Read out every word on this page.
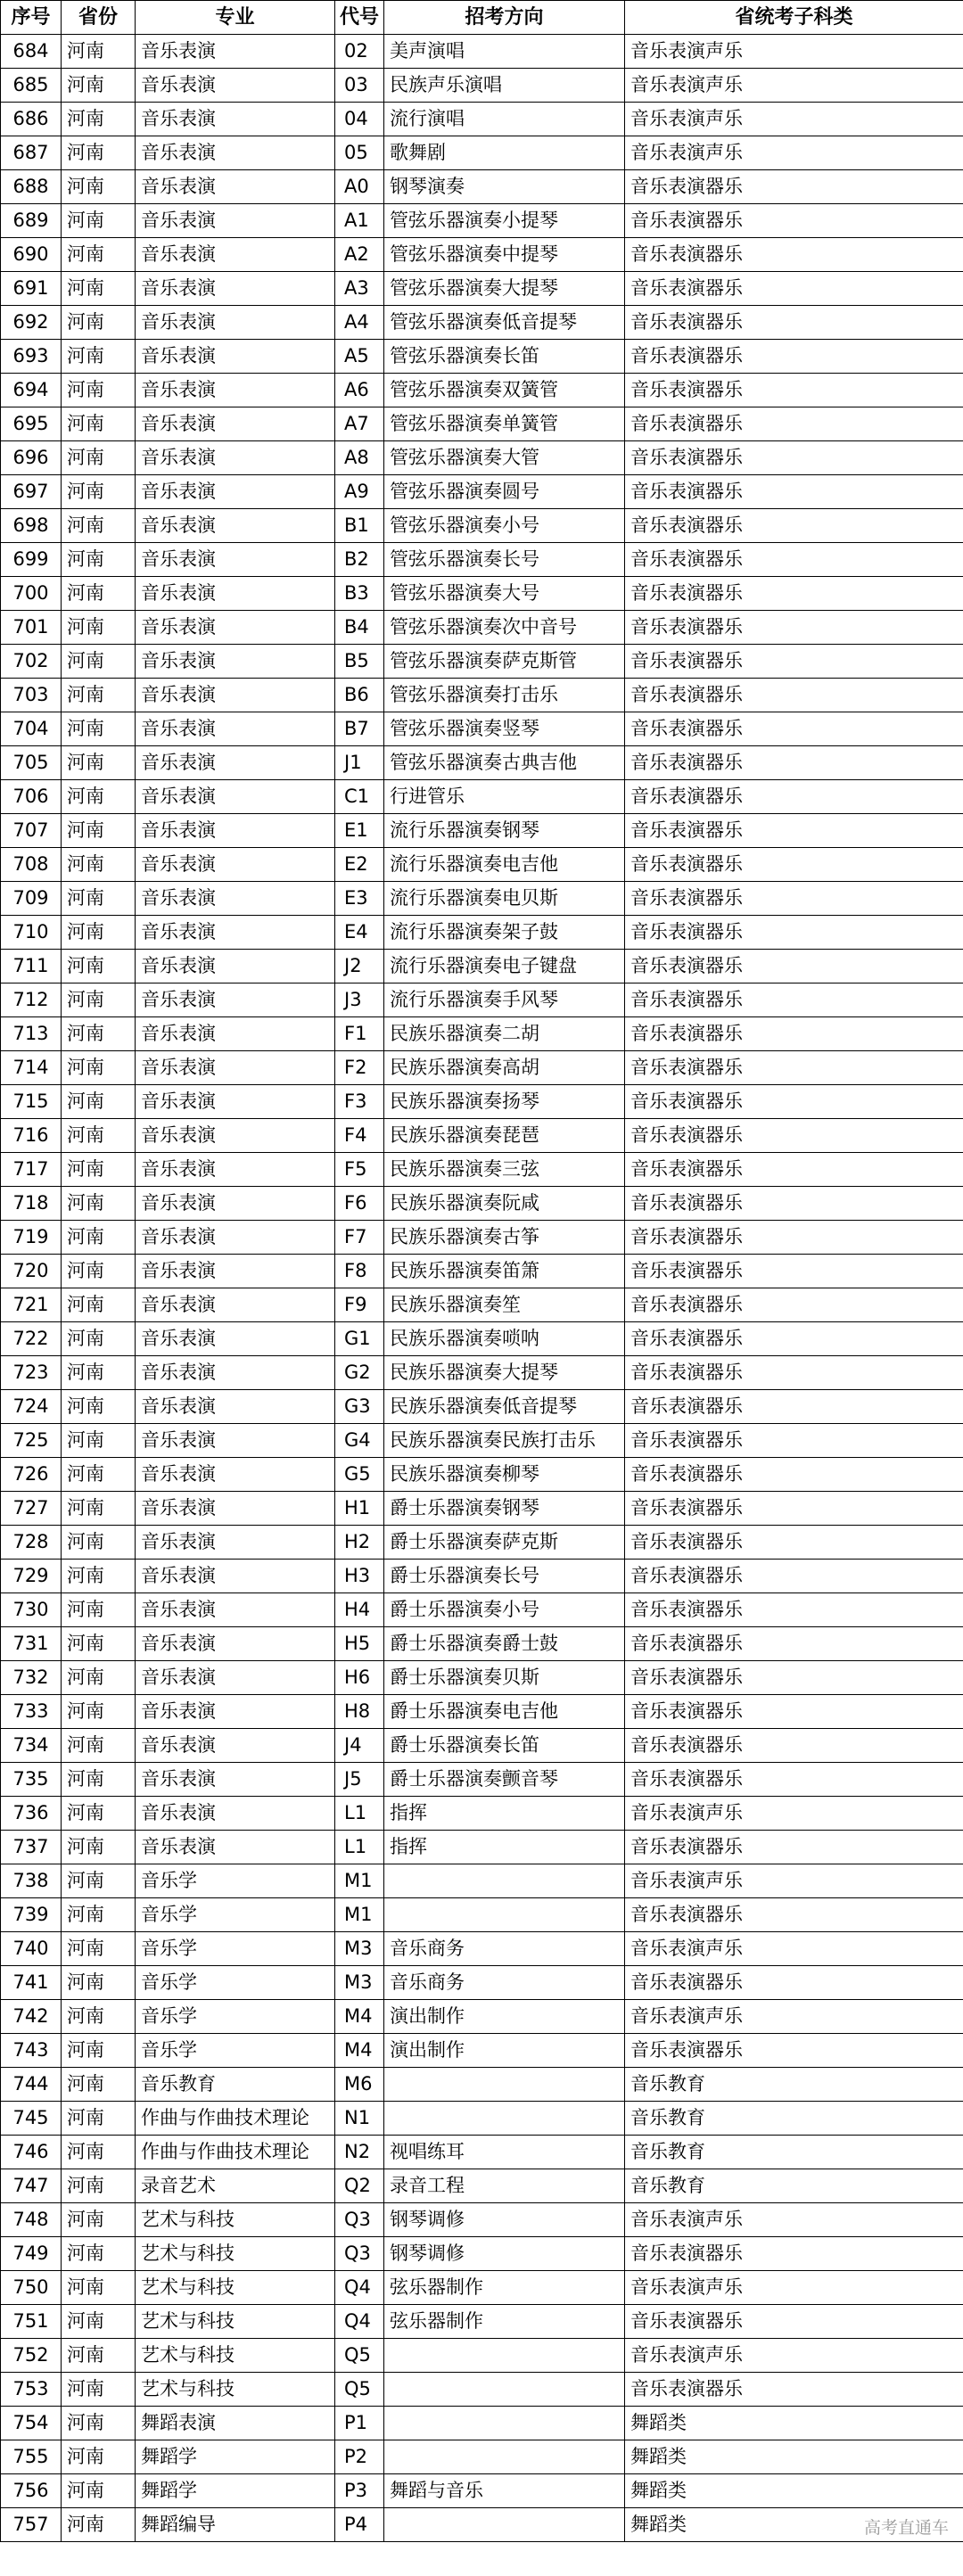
序号	省份	专业	代号	招考方向	省统考子科类
684	河南	音乐表演	02	美声演唱	音乐表演声乐
685	河南	音乐表演	03	民族声乐演唱	音乐表演声乐
686	河南	音乐表演	04	流行演唱	音乐表演声乐
687	河南	音乐表演	05	歌舞剧	音乐表演声乐
688	河南	音乐表演	A0	钢琴演奏	音乐表演器乐
689	河南	音乐表演	A1	管弦乐器演奏小提琴	音乐表演器乐
690	河南	音乐表演	A2	管弦乐器演奏中提琴	音乐表演器乐
691	河南	音乐表演	A3	管弦乐器演奏大提琴	音乐表演器乐
692	河南	音乐表演	A4	管弦乐器演奏低音提琴	音乐表演器乐
693	河南	音乐表演	A5	管弦乐器演奏长笛	音乐表演器乐
694	河南	音乐表演	A6	管弦乐器演奏双簧管	音乐表演器乐
695	河南	音乐表演	A7	管弦乐器演奏单簧管	音乐表演器乐
696	河南	音乐表演	A8	管弦乐器演奏大管	音乐表演器乐
697	河南	音乐表演	A9	管弦乐器演奏圆号	音乐表演器乐
698	河南	音乐表演	B1	管弦乐器演奏小号	音乐表演器乐
699	河南	音乐表演	B2	管弦乐器演奏长号	音乐表演器乐
700	河南	音乐表演	B3	管弦乐器演奏大号	音乐表演器乐
701	河南	音乐表演	B4	管弦乐器演奏次中音号	音乐表演器乐
702	河南	音乐表演	B5	管弦乐器演奏萨克斯管	音乐表演器乐
703	河南	音乐表演	B6	管弦乐器演奏打击乐	音乐表演器乐
704	河南	音乐表演	B7	管弦乐器演奏竖琴	音乐表演器乐
705	河南	音乐表演	J1	管弦乐器演奏古典吉他	音乐表演器乐
706	河南	音乐表演	C1	行进管乐	音乐表演器乐
707	河南	音乐表演	E1	流行乐器演奏钢琴	音乐表演器乐
708	河南	音乐表演	E2	流行乐器演奏电吉他	音乐表演器乐
709	河南	音乐表演	E3	流行乐器演奏电贝斯	音乐表演器乐
710	河南	音乐表演	E4	流行乐器演奏架子鼓	音乐表演器乐
711	河南	音乐表演	J2	流行乐器演奏电子键盘	音乐表演器乐
712	河南	音乐表演	J3	流行乐器演奏手风琴	音乐表演器乐
713	河南	音乐表演	F1	民族乐器演奏二胡	音乐表演器乐
714	河南	音乐表演	F2	民族乐器演奏高胡	音乐表演器乐
715	河南	音乐表演	F3	民族乐器演奏扬琴	音乐表演器乐
716	河南	音乐表演	F4	民族乐器演奏琵琶	音乐表演器乐
717	河南	音乐表演	F5	民族乐器演奏三弦	音乐表演器乐
718	河南	音乐表演	F6	民族乐器演奏阮咸	音乐表演器乐
719	河南	音乐表演	F7	民族乐器演奏古筝	音乐表演器乐
720	河南	音乐表演	F8	民族乐器演奏笛箫	音乐表演器乐
721	河南	音乐表演	F9	民族乐器演奏笙	音乐表演器乐
722	河南	音乐表演	G1	民族乐器演奏唢呐	音乐表演器乐
723	河南	音乐表演	G2	民族乐器演奏大提琴	音乐表演器乐
724	河南	音乐表演	G3	民族乐器演奏低音提琴	音乐表演器乐
725	河南	音乐表演	G4	民族乐器演奏民族打击乐	音乐表演器乐
726	河南	音乐表演	G5	民族乐器演奏柳琴	音乐表演器乐
727	河南	音乐表演	H1	爵士乐器演奏钢琴	音乐表演器乐
728	河南	音乐表演	H2	爵士乐器演奏萨克斯	音乐表演器乐
729	河南	音乐表演	H3	爵士乐器演奏长号	音乐表演器乐
730	河南	音乐表演	H4	爵士乐器演奏小号	音乐表演器乐
731	河南	音乐表演	H5	爵士乐器演奏爵士鼓	音乐表演器乐
732	河南	音乐表演	H6	爵士乐器演奏贝斯	音乐表演器乐
733	河南	音乐表演	H8	爵士乐器演奏电吉他	音乐表演器乐
734	河南	音乐表演	J4	爵士乐器演奏长笛	音乐表演器乐
735	河南	音乐表演	J5	爵士乐器演奏颤音琴	音乐表演器乐
736	河南	音乐表演	L1	指挥	音乐表演声乐
737	河南	音乐表演	L1	指挥	音乐表演器乐
738	河南	音乐学	M1		音乐表演声乐
739	河南	音乐学	M1		音乐表演器乐
740	河南	音乐学	M3	音乐商务	音乐表演声乐
741	河南	音乐学	M3	音乐商务	音乐表演器乐
742	河南	音乐学	M4	演出制作	音乐表演声乐
743	河南	音乐学	M4	演出制作	音乐表演器乐
744	河南	音乐教育	M6		音乐教育
745	河南	作曲与作曲技术理论	N1		音乐教育
746	河南	作曲与作曲技术理论	N2	视唱练耳	音乐教育
747	河南	录音艺术	Q2	录音工程	音乐教育
748	河南	艺术与科技	Q3	钢琴调修	音乐表演声乐
749	河南	艺术与科技	Q3	钢琴调修	音乐表演器乐
750	河南	艺术与科技	Q4	弦乐器制作	音乐表演声乐
751	河南	艺术与科技	Q4	弦乐器制作	音乐表演器乐
752	河南	艺术与科技	Q5		音乐表演声乐
753	河南	艺术与科技	Q5		音乐表演器乐
754	河南	舞蹈表演	P1		舞蹈类
755	河南	舞蹈学	P2		舞蹈类
756	河南	舞蹈学	P3	舞蹈与音乐	舞蹈类
757	河南	舞蹈编导	P4		舞蹈类	高考直通车
